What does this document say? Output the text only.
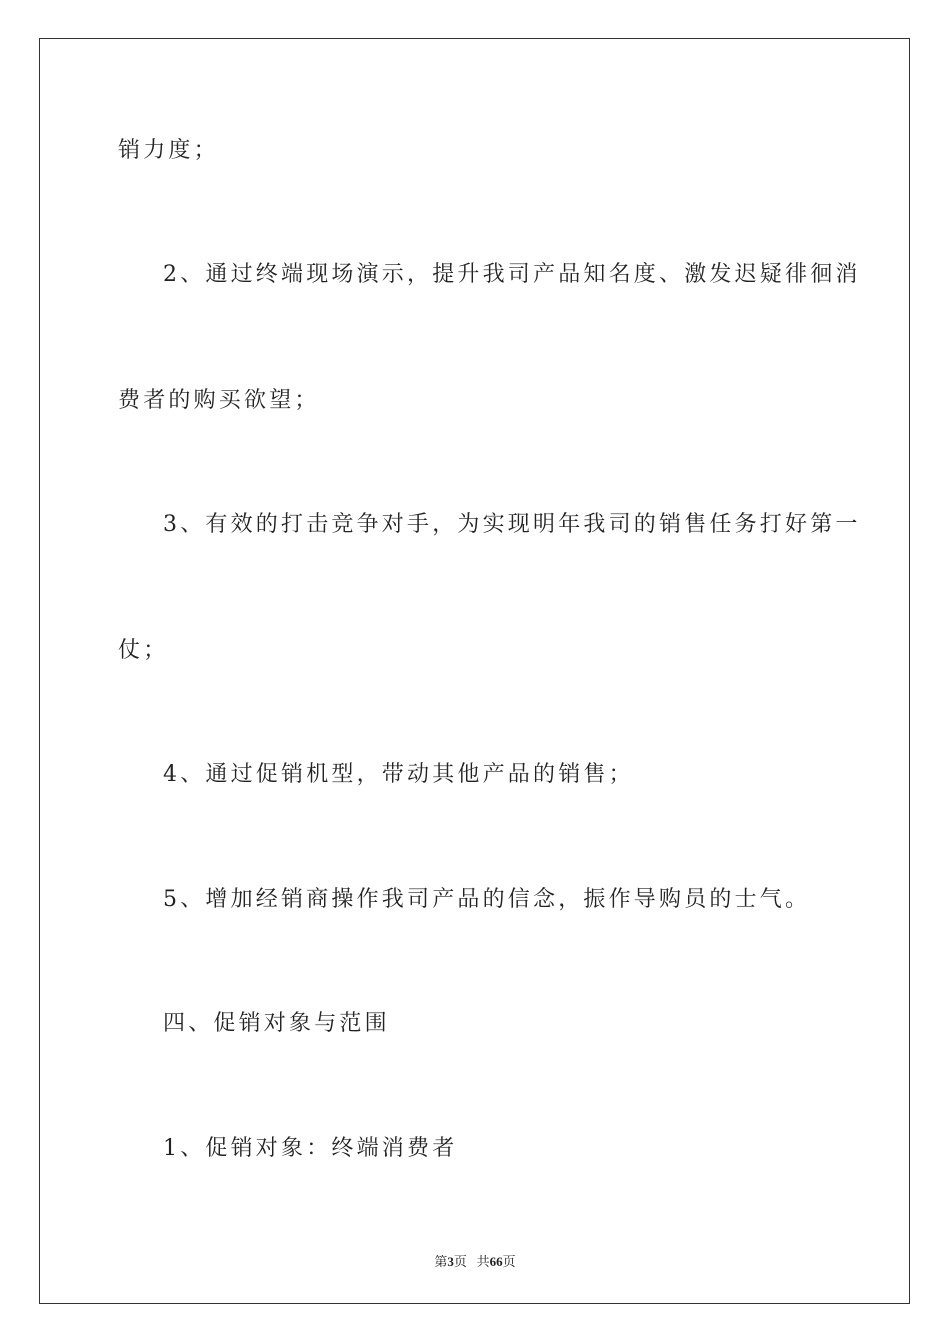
销力度；
2、通过终端现场演示，提升我司产品知名度、激发迟疑徘徊消
费者的购买欲望；
3、有效的打击竞争对手，为实现明年我司的销售任务打好第一
仗；
4、通过促销机型，带动其他产品的销售；
5、增加经销商操作我司产品的信念，振作导购员的士气。
四、促销对象与范围
1、促销对象：终端消费者
第3页 共66页
